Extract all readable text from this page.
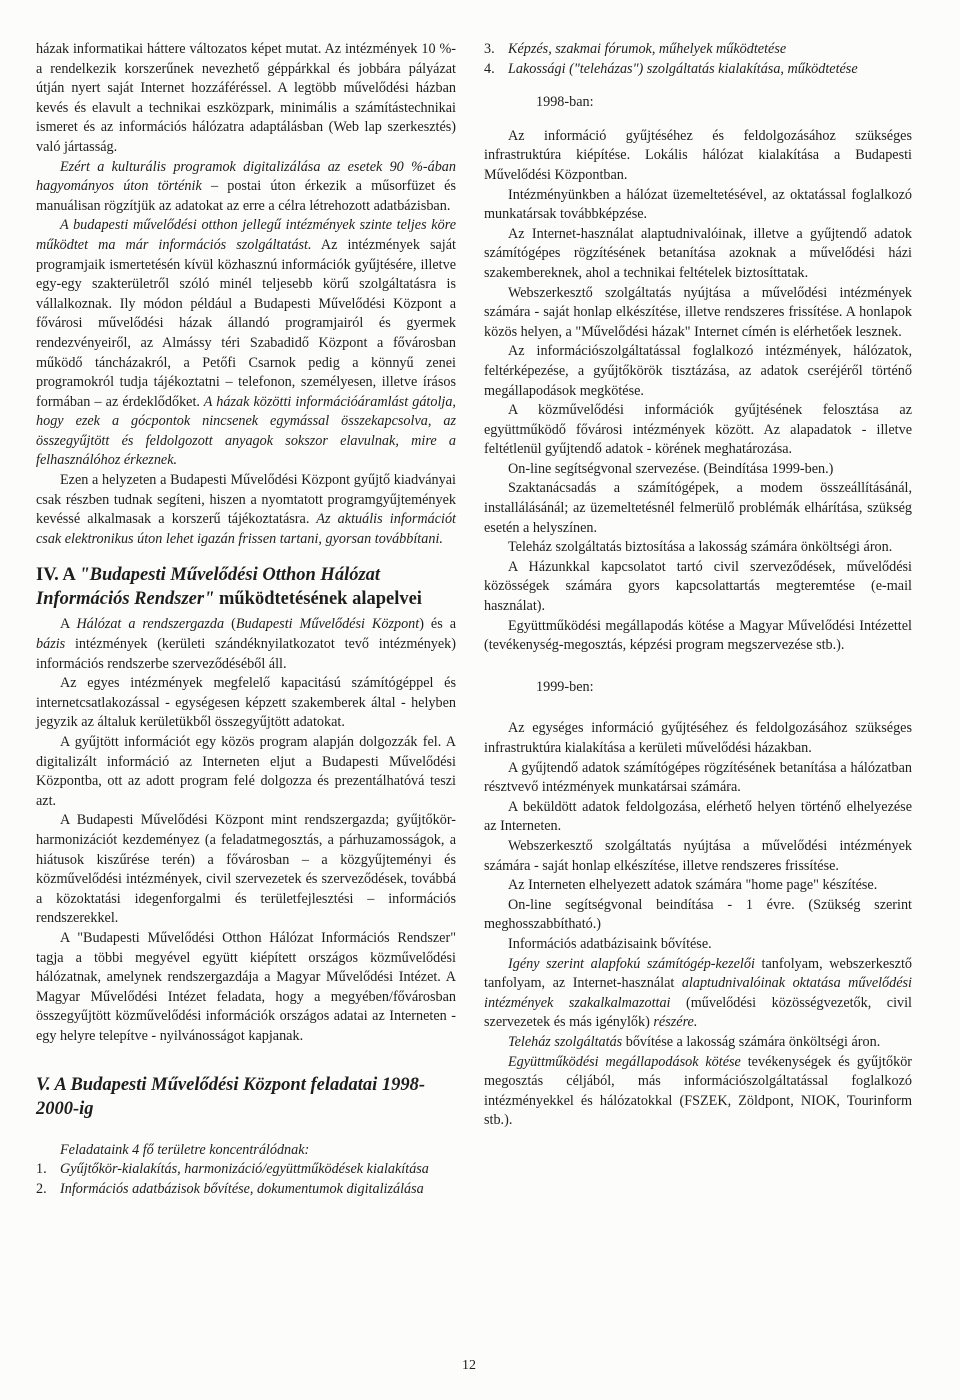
házak informatikai háttere változatos képet mutat. Az intézmények 10 %-a rendelkezik korszerűnek nevezhető géppárkkal és jobbára pályázat útján nyert saját Internet hozzáféréssel. A legtöbb művelődési házban kevés és elavult a technikai eszközpark, minimális a számítástechnikai ismeret és az információs hálózatra adaptálásban (Web lap szerkesztés) való jártasság.

Ezért a kulturális programok digitalizálása az esetek 90 %-ában hagyományos úton történik – postai úton érkezik a műsorfüzet és manuálisan rögzítjük az adatokat az erre a célra létrehozott adatbázisban.

A budapesti művelődési otthon jellegű intézmények szinte teljes köre működtet ma már információs szolgáltatást. Az intézmények saját programjaik ismertetésén kívül közhasznú információk gyűjtésére, illetve egy-egy szakterületről szóló minél teljesebb körű szolgáltatásra is vállalkoznak. Ily módon például a Budapesti Művelődési Központ a fővárosi művelődési házak állandó programjairól és gyermek rendezvényeiről, az Almássy téri Szabadidő Központ a fővárosban működő táncházakról, a Petőfi Csarnok pedig a könnyű zenei programokról tudja tájékoztatni – telefonon, személyesen, illetve írásos formában – az érdeklődőket. A házak közötti információáramlást gátolja, hogy ezek a gócpontok nincsenek egymással összekapcsolva, az összegyűjtött és feldolgozott anyagok sokszor elavulnak, mire a felhasználóhoz érkeznek.

Ezen a helyzeten a Budapesti Művelődési Központ gyűjtő kiadványai csak részben tudnak segíteni, hiszen a nyomtatott programgyűjtemények kevéssé alkalmasak a korszerű tájékoztatásra. Az aktuális információt csak elektronikus úton lehet igazán frissen tartani, gyorsan továbbítani.

IV. A "Budapesti Művelődési Otthon Hálózat Információs Rendszer" működtetésének alapelvei

A Hálózat a rendszergazda (Budapesti Művelődési Központ) és a bázis intézmények (kerületi szándéknyilatkozatot tevő intézmények) információs rendszerbe szerveződéséből áll.

Az egyes intézmények megfelelő kapacitású számítógéppel és internetcsatlakozással - egységesen képzett szakemberek által - helyben jegyzik az általuk kerületükből összegyűjtött adatokat.

A gyűjtött információt egy közös program alapján dolgozzák fel. A digitalizált információ az Interneten eljut a Budapesti Művelődési Központba, ott az adott program felé dolgozza és prezentálhatóvá teszi azt.

A Budapesti Művelődési Központ mint rendszergazda; gyűjtőkör-harmonizációt kezdeményez (a feladatmegosztás, a párhuzamosságok, a hiátusok kiszűrése terén) a fővárosban – a közgyűjteményi és közművelődési intézmények, civil szervezetek és szerveződések, továbbá a közoktatási idegenforgalmi és területfejlesztési – információs rendszerekkel.

A "Budapesti Művelődési Otthon Hálózat Információs Rendszer" tagja a többi megyével együtt kiépített országos közművelődési hálózatnak, amelynek rendszergazdája a Magyar Művelődési Intézet. A Magyar Művelődési Intézet feladata, hogy a megyében/fővárosban összegyűjtött közművelődési információk országos adatai az Interneten - egy helyre telepítve - nyilvánosságot kapjanak.

V. A Budapesti Művelődési Központ feladatai 1998-2000-ig

Feladataink 4 fő területre koncentrálódnak:

1. Gyűjtőkör-kialakítás, harmonizáció/együttműködések kialakítása
2. Információs adatbázisok bővítése, dokumentumok digitalizálása
3. Képzés, szakmai fórumok, műhelyek működtetése
4. Lakossági ("teleházas") szolgáltatás kialakítása, működtetése

1998-ban:

Az információ gyűjtéséhez és feldolgozásához szükséges infrastruktúra kiépítése. Lokális hálózat kialakítása a Budapesti Művelődési Központban.

Intézményünkben a hálózat üzemeltetésével, az oktatással foglalkozó munkatársak továbbképzése.

Az Internet-használat alaptudnivalóinak, illetve a gyűjtendő adatok számítógépes rögzítésének betanítása azoknak a művelődési házi szakembereknek, ahol a technikai feltételek biztosíttatak.

Webszerkesztő szolgáltatás nyújtása a művelődési intézmények számára - saját honlap elkészítése, illetve rendszeres frissítése. A honlapok közös helyen, a "Művelődési házak" Internet címén is elérhetőek lesznek.

Az információszolgáltatással foglalkozó intézmények, hálózatok, feltérképezése, a gyűjtőkörök tisztázása, az adatok cseréjéről történő megállapodások megkötése.

A közművelődési információk gyűjtésének felosztása az együttműködő fővárosi intézmények között. Az alapadatok - illetve feltétlenül gyűjtendő adatok - körének meghatározása.

On-line segítségvonal szervezése. (Beindítása 1999-ben.)

Szaktanácsadás a számítógépek, a modem összeállításánál, installálásánál; az üzemeltetésnél felmerülő problémák elhárítása, szükség esetén a helyszínen.

Teleház szolgáltatás biztosítása a lakosság számára önköltségi áron.

A Házunkkal kapcsolatot tartó civil szerveződések, művelődési közösségek számára gyors kapcsolattartás megteremtése (e-mail használat).

Együttműködési megállapodás kötése a Magyar Művelődési Intézettel (tevékenység-megosztás, képzési program megszervezése stb.).

1999-ben:

Az egységes információ gyűjtéséhez és feldolgozásához szükséges infrastruktúra kialakítása a kerületi művelődési házakban.

A gyűjtendő adatok számítógépes rögzítésének betanítása a hálózatban résztvevő intézmények munkatársai számára.

A beküldött adatok feldolgozása, elérhető helyen történő elhelyezése az Interneten.

Webszerkesztő szolgáltatás nyújtása a művelődési intézmények számára - saját honlap elkészítése, illetve rendszeres frissítése.

Az Interneten elhelyezett adatok számára "home page" készítése.

On-line segítségvonal beindítása - 1 évre. (Szükség szerint meghosszabbítható.)

Információs adatbázisaink bővítése.

Igény szerint alapfokú számítógép-kezelői tanfolyam, webszerkesztő tanfolyam, az Internet-használat alaptudnivalóinak oktatása művelődési intézmények szakalkalmazottai (művelődési közösségvezetők, civil szervezetek és más igénylők) részére.

Teleház szolgáltatás bővítése a lakosság számára önköltségi áron.

Együttműködési megállapodások kötése tevékenységek és gyűjtőkör megosztás céljából, más információszolgáltatással foglalkozó intézményekkel és hálózatokkal (FSZEK, Zöldpont, NIOK, Tourinform stb.).

12
